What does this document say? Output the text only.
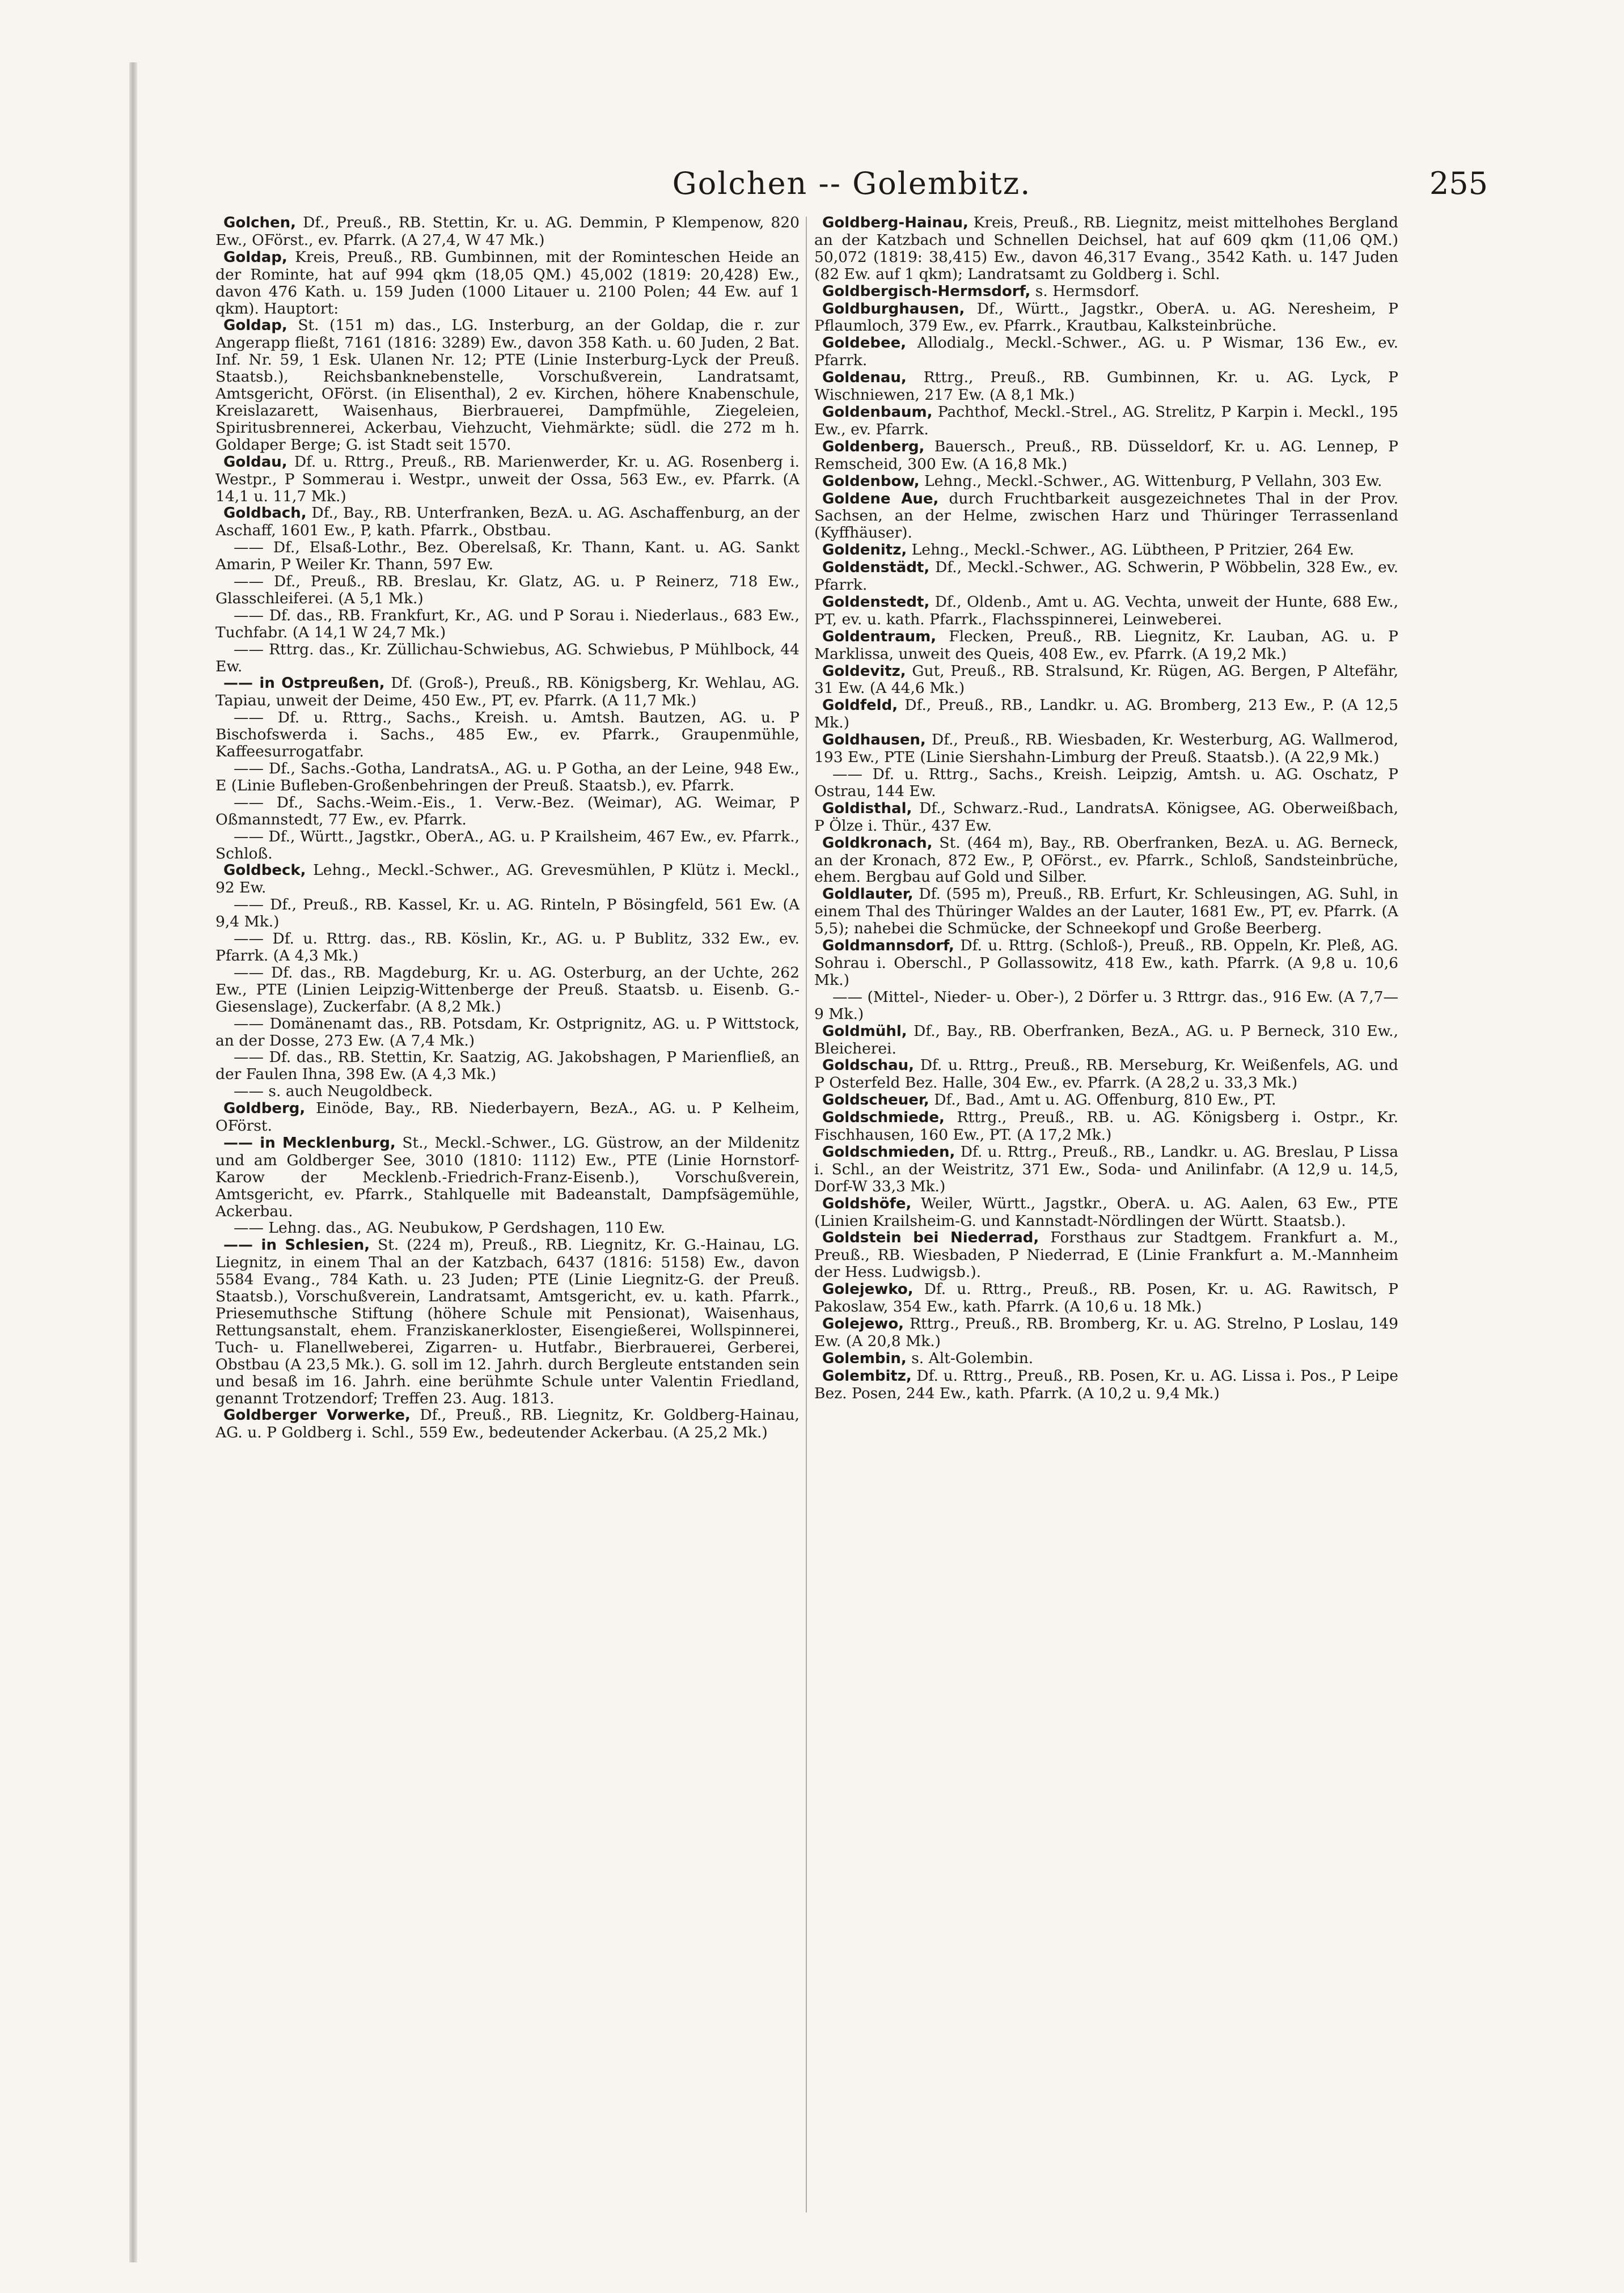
Golchen -- Golembitz.	255

Golchen, Df., Preuß., RB. Stettin, Kr. u. AG. Demmin, P Klempenow, 820 Ew., OFörst., ev. Pfarrk. (A 27,4, W 47 Mk.)

Goldap, Kreis, Preuß., RB. Gumbinnen, mit der Rominteschen Heide an der Rominte, hat auf 994 qkm (18,05 QM.) 45,002 (1819: 20,428) Ew., davon 476 Kath. u. 159 Juden (1000 Litauer u. 2100 Polen; 44 Ew. auf 1 qkm). Hauptort:

Goldap, St. (151 m) das., LG. Insterburg, an der Goldap, die r. zur Angerapp fließt, 7161 (1816: 3289) Ew., davon 358 Kath. u. 60 Juden, 2 Bat. Inf. Nr. 59, 1 Esk. Ulanen Nr. 12; PTE (Linie Insterburg-Lyck der Preuß. Staatsb.), Reichsbanknebenstelle, Vorschußverein, Landratsamt, Amtsgericht, OFörst. (in Elisenthal), 2 ev. Kirchen, höhere Knabenschule, Kreislazarett, Waisenhaus, Bierbrauerei, Dampfmühle, Ziegeleien, Spiritusbrennerei, Ackerbau, Viehzucht, Viehmärkte; südl. die 272 m h. Goldaper Berge; G. ist Stadt seit 1570.

Goldau, Df. u. Rttrg., Preuß., RB. Marienwerder, Kr. u. AG. Rosenberg i. Westpr., P Sommerau i. Westpr., unweit der Ossa, 563 Ew., ev. Pfarrk. (A 14,1 u. 11,7 Mk.)

Goldbach, Df., Bay., RB. Unterfranken, BezA. u. AG. Aschaffenburg, an der Aschaff, 1601 Ew., P, kath. Pfarrk., Obstbau.

—— Df., Elsaß-Lothr., Bez. Oberelsaß, Kr. Thann, Kant. u. AG. Sankt Amarin, P Weiler Kr. Thann, 597 Ew.

—— Df., Preuß., RB. Breslau, Kr. Glatz, AG. u. P Reinerz, 718 Ew., Glasschleiferei. (A 5,1 Mk.)

—— Df. das., RB. Frankfurt, Kr., AG. und P Sorau i. Niederlaus., 683 Ew., Tuchfabr. (A 14,1 W 24,7 Mk.)

—— Rttrg. das., Kr. Züllichau-Schwiebus, AG. Schwiebus, P Mühlbock, 44 Ew.

—— in Ostpreußen, Df. (Groß-), Preuß., RB. Königsberg, Kr. Wehlau, AG. Tapiau, unweit der Deime, 450 Ew., PT, ev. Pfarrk. (A 11,7 Mk.)

—— Df. u. Rttrg., Sachs., Kreish. u. Amtsh. Bautzen, AG. u. P Bischofswerda i. Sachs., 485 Ew., ev. Pfarrk., Graupenmühle, Kaffeesurrogatfabr.

—— Df., Sachs.-Gotha, LandratsA., AG. u. P Gotha, an der Leine, 948 Ew., E (Linie Bufleben-Großenbehringen der Preuß. Staatsb.), ev. Pfarrk.

—— Df., Sachs.-Weim.-Eis., 1. Verw.-Bez. (Weimar), AG. Weimar, P Oßmannstedt, 77 Ew., ev. Pfarrk.

—— Df., Württ., Jagstkr., OberA., AG. u. P Krailsheim, 467 Ew., ev. Pfarrk., Schloß.

Goldbeck, Lehng., Meckl.-Schwer., AG. Grevesmühlen, P Klütz i. Meckl., 92 Ew.

—— Df., Preuß., RB. Kassel, Kr. u. AG. Rinteln, P Bösingfeld, 561 Ew. (A 9,4 Mk.)

—— Df. u. Rttrg. das., RB. Köslin, Kr., AG. u. P Bublitz, 332 Ew., ev. Pfarrk. (A 4,3 Mk.)

—— Df. das., RB. Magdeburg, Kr. u. AG. Osterburg, an der Uchte, 262 Ew., PTE (Linien Leipzig-Wittenberge der Preuß. Staatsb. u. Eisenb. G.-Giesenslage), Zuckerfabr. (A 8,2 Mk.)

—— Domänenamt das., RB. Potsdam, Kr. Ostprignitz, AG. u. P Wittstock, an der Dosse, 273 Ew. (A 7,4 Mk.)

—— Df. das., RB. Stettin, Kr. Saatzig, AG. Jakobshagen, P Marienfließ, an der Faulen Ihna, 398 Ew. (A 4,3 Mk.)

—— s. auch Neugoldbeck.

Goldberg, Einöde, Bay., RB. Niederbayern, BezA., AG. u. P Kelheim, OFörst.

—— in Mecklenburg, St., Meckl.-Schwer., LG. Güstrow, an der Mildenitz und am Goldberger See, 3010 (1810: 1112) Ew., PTE (Linie Hornstorf-Karow der Mecklenb.-Friedrich-Franz-Eisenb.), Vorschußverein, Amtsgericht, ev. Pfarrk., Stahlquelle mit Badeanstalt, Dampfsägemühle, Ackerbau.

—— Lehng. das., AG. Neubukow, P Gerdshagen, 110 Ew.

—— in Schlesien, St. (224 m), Preuß., RB. Liegnitz, Kr. G.-Hainau, LG. Liegnitz, in einem Thal an der Katzbach, 6437 (1816: 5158) Ew., davon 5584 Evang., 784 Kath. u. 23 Juden; PTE (Linie Liegnitz-G. der Preuß. Staatsb.), Vorschußverein, Landratsamt, Amtsgericht, ev. u. kath. Pfarrk., Priesemuthsche Stiftung (höhere Schule mit Pensionat), Waisenhaus, Rettungsanstalt, ehem. Franziskanerkloster, Eisengießerei, Wollspinnerei, Tuch- u. Flanellweberei, Zigarren- u. Hutfabr., Bierbrauerei, Gerberei, Obstbau (A 23,5 Mk.). G. soll im 12. Jahrh. durch Bergleute entstanden sein und besaß im 16. Jahrh. eine berühmte Schule unter Valentin Friedland, genannt Trotzendorf; Treffen 23. Aug. 1813.

Goldberger Vorwerke, Df., Preuß., RB. Liegnitz, Kr. Goldberg-Hainau, AG. u. P Goldberg i. Schl., 559 Ew., bedeutender Ackerbau. (A 25,2 Mk.)

Goldberg-Hainau, Kreis, Preuß., RB. Liegnitz, meist mittelhohes Bergland an der Katzbach und Schnellen Deichsel, hat auf 609 qkm (11,06 QM.) 50,072 (1819: 38,415) Ew., davon 46,317 Evang., 3542 Kath. u. 147 Juden (82 Ew. auf 1 qkm); Landratsamt zu Goldberg i. Schl.

Goldbergisch-Hermsdorf, s. Hermsdorf.

Goldburghausen, Df., Württ., Jagstkr., OberA. u. AG. Neresheim, P Pflaumloch, 379 Ew., ev. Pfarrk., Krautbau, Kalksteinbrüche.

Goldebee, Allodialg., Meckl.-Schwer., AG. u. P Wismar, 136 Ew., ev. Pfarrk.

Goldenau, Rttrg., Preuß., RB. Gumbinnen, Kr. u. AG. Lyck, P Wischniewen, 217 Ew. (A 8,1 Mk.)

Goldenbaum, Pachthof, Meckl.-Strel., AG. Strelitz, P Karpin i. Meckl., 195 Ew., ev. Pfarrk.

Goldenberg, Bauersch., Preuß., RB. Düsseldorf, Kr. u. AG. Lennep, P Remscheid, 300 Ew. (A 16,8 Mk.)

Goldenbow, Lehng., Meckl.-Schwer., AG. Wittenburg, P Vellahn, 303 Ew.

Goldene Aue, durch Fruchtbarkeit ausgezeichnetes Thal in der Prov. Sachsen, an der Helme, zwischen Harz und Thüringer Terrassenland (Kyffhäuser).

Goldenitz, Lehng., Meckl.-Schwer., AG. Lübtheen, P Pritzier, 264 Ew.

Goldenstädt, Df., Meckl.-Schwer., AG. Schwerin, P Wöbbelin, 328 Ew., ev. Pfarrk.

Goldenstedt, Df., Oldenb., Amt u. AG. Vechta, unweit der Hunte, 688 Ew., PT, ev. u. kath. Pfarrk., Flachsspinnerei, Leinweberei.

Goldentraum, Flecken, Preuß., RB. Liegnitz, Kr. Lauban, AG. u. P Marklissa, unweit des Queis, 408 Ew., ev. Pfarrk. (A 19,2 Mk.)

Goldevitz, Gut, Preuß., RB. Stralsund, Kr. Rügen, AG. Bergen, P Altefähr, 31 Ew. (A 44,6 Mk.)

Goldfeld, Df., Preuß., RB., Landkr. u. AG. Bromberg, 213 Ew., P. (A 12,5 Mk.)

Goldhausen, Df., Preuß., RB. Wiesbaden, Kr. Westerburg, AG. Wallmerod, 193 Ew., PTE (Linie Siershahn-Limburg der Preuß. Staatsb.). (A 22,9 Mk.)

—— Df. u. Rttrg., Sachs., Kreish. Leipzig, Amtsh. u. AG. Oschatz, P Ostrau, 144 Ew.

Goldisthal, Df., Schwarz.-Rud., LandratsA. Königsee, AG. Oberweißbach, P Ölze i. Thür., 437 Ew.

Goldkronach, St. (464 m), Bay., RB. Oberfranken, BezA. u. AG. Berneck, an der Kronach, 872 Ew., P, OFörst., ev. Pfarrk., Schloß, Sandsteinbrüche, ehem. Bergbau auf Gold und Silber.

Goldlauter, Df. (595 m), Preuß., RB. Erfurt, Kr. Schleusingen, AG. Suhl, in einem Thal des Thüringer Waldes an der Lauter, 1681 Ew., PT, ev. Pfarrk. (A 5,5); nahebei die Schmücke, der Schneekopf und Große Beerberg.

Goldmannsdorf, Df. u. Rttrg. (Schloß-), Preuß., RB. Oppeln, Kr. Pleß, AG. Sohrau i. Oberschl., P Gollassowitz, 418 Ew., kath. Pfarrk. (A 9,8 u. 10,6 Mk.)

—— (Mittel-, Nieder- u. Ober-), 2 Dörfer u. 3 Rttrgr. das., 916 Ew. (A 7,7—9 Mk.)

Goldmühl, Df., Bay., RB. Oberfranken, BezA., AG. u. P Berneck, 310 Ew., Bleicherei.

Goldschau, Df. u. Rttrg., Preuß., RB. Merseburg, Kr. Weißenfels, AG. und P Osterfeld Bez. Halle, 304 Ew., ev. Pfarrk. (A 28,2 u. 33,3 Mk.)

Goldscheuer, Df., Bad., Amt u. AG. Offenburg, 810 Ew., PT.

Goldschmiede, Rttrg., Preuß., RB. u. AG. Königsberg i. Ostpr., Kr. Fischhausen, 160 Ew., PT. (A 17,2 Mk.)

Goldschmieden, Df. u. Rttrg., Preuß., RB., Landkr. u. AG. Breslau, P Lissa i. Schl., an der Weistritz, 371 Ew., Soda- und Anilinfabr. (A 12,9 u. 14,5, Dorf-W 33,3 Mk.)

Goldshöfe, Weiler, Württ., Jagstkr., OberA. u. AG. Aalen, 63 Ew., PTE (Linien Krailsheim-G. und Kannstadt-Nördlingen der Württ. Staatsb.).

Goldstein bei Niederrad, Forsthaus zur Stadtgem. Frankfurt a. M., Preuß., RB. Wiesbaden, P Niederrad, E (Linie Frankfurt a. M.-Mannheim der Hess. Ludwigsb.).

Golejewko, Df. u. Rttrg., Preuß., RB. Posen, Kr. u. AG. Rawitsch, P Pakoslaw, 354 Ew., kath. Pfarrk. (A 10,6 u. 18 Mk.)

Golejewo, Rttrg., Preuß., RB. Bromberg, Kr. u. AG. Strelno, P Loslau, 149 Ew. (A 20,8 Mk.)

Golembin, s. Alt-Golembin.

Golembitz, Df. u. Rttrg., Preuß., RB. Posen, Kr. u. AG. Lissa i. Pos., P Leipe Bez. Posen, 244 Ew., kath. Pfarrk. (A 10,2 u. 9,4 Mk.)
